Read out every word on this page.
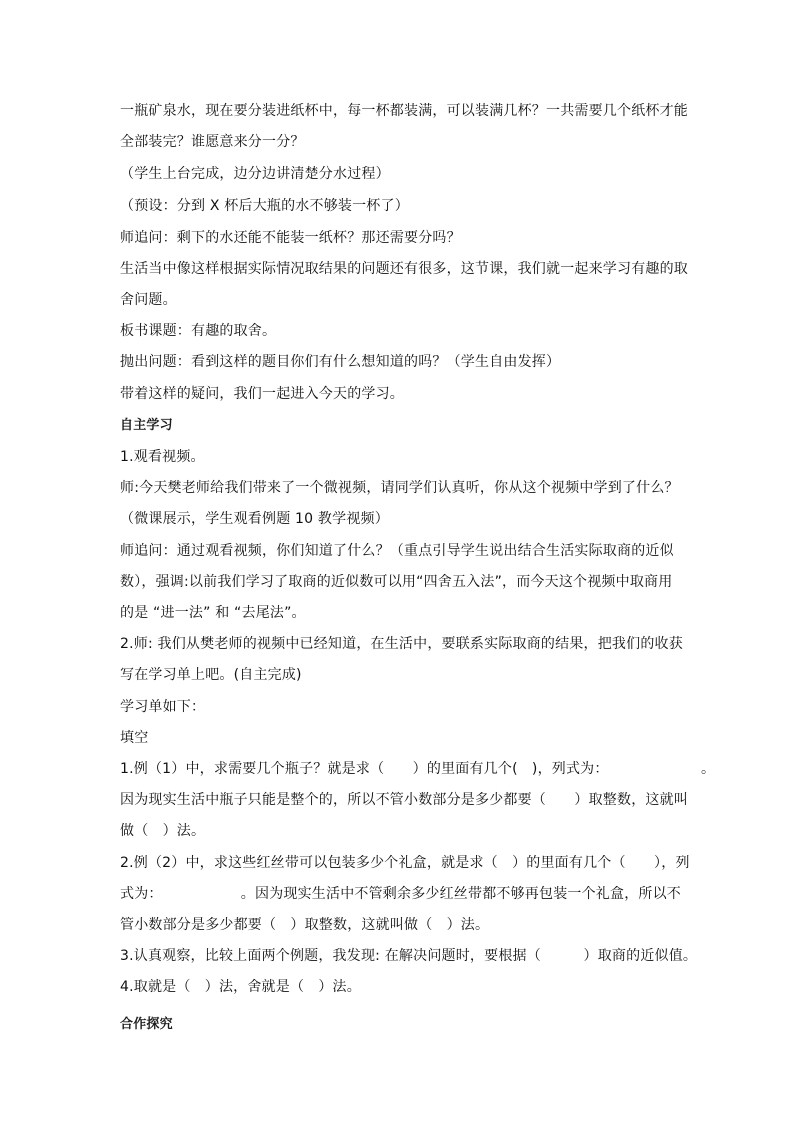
一瓶矿泉水，现在要分装进纸杯中，每一杯都装满，可以装满几杯？一共需要几个纸杯才能
全部装完？谁愿意来分一分？
（学生上台完成，边分边讲清楚分水过程）
（预设：分到 X 杯后大瓶的水不够装一杯了）
师追问：剩下的水还能不能装一纸杯？那还需要分吗？
生活当中像这样根据实际情况取结果的问题还有很多，这节课，我们就一起来学习有趣的取
舍问题。
板书课题：有趣的取舍。
抛出问题：看到这样的题目你们有什么想知道的吗？（学生自由发挥）
带着这样的疑问，我们一起进入今天的学习。
自主学习
1.观看视频。
师:今天樊老师给我们带来了一个微视频，请同学们认真听，你从这个视频中学到了什么？
（微课展示，学生观看例题 10 教学视频）
师追问：通过观看视频，你们知道了什么？（重点引导学生说出结合生活实际取商的近似
数），强调:以前我们学习了取商的近似数可以用“四舍五入法”，而今天这个视频中取商用
的是 “进一法” 和 “去尾法”。
2.师: 我们从樊老师的视频中已经知道，在生活中，要联系实际取商的结果，把我们的收获
写在学习单上吧。(自主完成)
学习单如下：
填空
1.例（1）中，求需要几个瓶子？就是求（　　）的里面有几个(　)，列式为：　　　　　　　。
因为现实生活中瓶子只能是整个的，所以不管小数部分是多少都要（　　）取整数，这就叫
做（　）法。
2.例（2）中，求这些红丝带可以包装多少个礼盒，就是求（　）的里面有几个（　　），列
式为：　　　　　　。因为现实生活中不管剩余多少红丝带都不够再包装一个礼盒，所以不
管小数部分是多少都要（　）取整数，这就叫做（　）法。
3.认真观察，比较上面两个例题，我发现: 在解决问题时，要根据（　　　）取商的近似值。
4.取就是（　）法，舍就是（　）法。
合作探究
